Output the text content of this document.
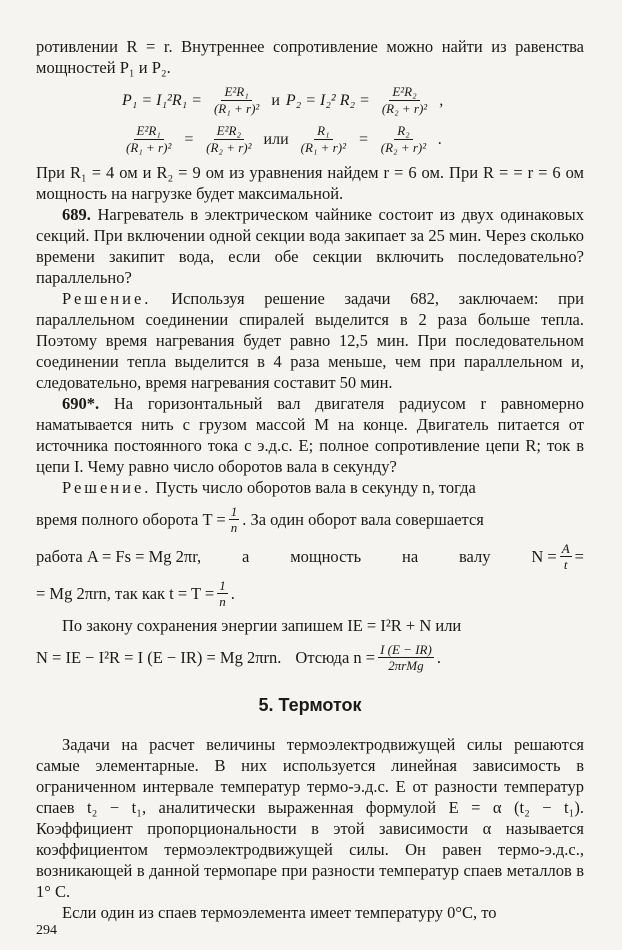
ротивлении R = r. Внутреннее сопротивление можно найти из равенства мощностей P₁ и P₂.

$P_1 = I_1^2R_1 = \frac{\text{E²R₁}}{\text{(R₁ + r)²}}$ и P₂ = I₂² $R_2 = \frac{\text{E²R₂}}{\text{(R₂ + r)²}}$ ,
$\frac{\text{E²R₁}}{\text{(R₁ + r)²}} = \frac{\text{E²R₂}}{\text{(R₂ + r)²}}$ или $\frac{\text{R₁}}{\text{(R₁ + r)²}} = \frac{\text{R₂}}{\text{(R₂ + r)²}}$ .

При R₁ = 4 ом и R₂ = 9 ом из уравнения найдем r = 6 ом. При R = = r = 6 ом мощность на нагрузке будет максимальной.

689. Нагреватель в электрическом чайнике состоит из двух одинаковых секций. При включении одной секции вода закипает за 25 мин. Через сколько времени закипит вода, если обе секции включить последовательно? параллельно?

Решение. Используя решение задачи 682, заключаем: при параллельном соединении спиралей выделится в 2 раза больше тепла. Поэтому время нагревания будет равно 12,5 мин. При последовательном соединении тепла выделится в 4 раза меньше, чем при параллельном и, следовательно, время нагревания составит 50 мин.

690*. На горизонтальный вал двигателя радиусом r равномерно наматывается нить с грузом массой M на конце. Двигатель питается от источника постоянного тока с э.д.с. E; полное сопротивление цепи R; ток в цепи I. Чему равно число оборотов вала в секунду?

Решение. Пусть число оборотов вала в секунду n, тогда

время полного оборота $T = \frac{1}{n}$ . За один оборот вала совершается
работа A = Fs = Mg 2πr, а мощность на валу $N = \frac{A}{t}$ =
= Mg 2πrn, так как $t = T = \frac{1}{n}$ .

По закону сохранения энергии запишем IE = I²R + N или

N = IE − I²R = I (E − IR) = Mg 2πrn. Отсюда $n = \frac{I (E - IR)}{\text{2πrMg}}$ .
5. Термоток

Задачи на расчет величины термоэлектродвижущей силы решаются самые элементарные. В них используется линейная зависимость в ограниченном интервале температур термо-э.д.с. E от разности температур спаев t₂ − t₁, аналитически выраженная формулой E = α (t₂ − t₁). Коэффициент пропорциональности в этой зависимости α называется коэффициентом термоэлектродвижущей силы. Он равен термо-э.д.с., возникающей в данной термопаре при разности температур спаев металлов в 1° C.

Если один из спаев термоэлемента имеет температуру 0°C, то

294
